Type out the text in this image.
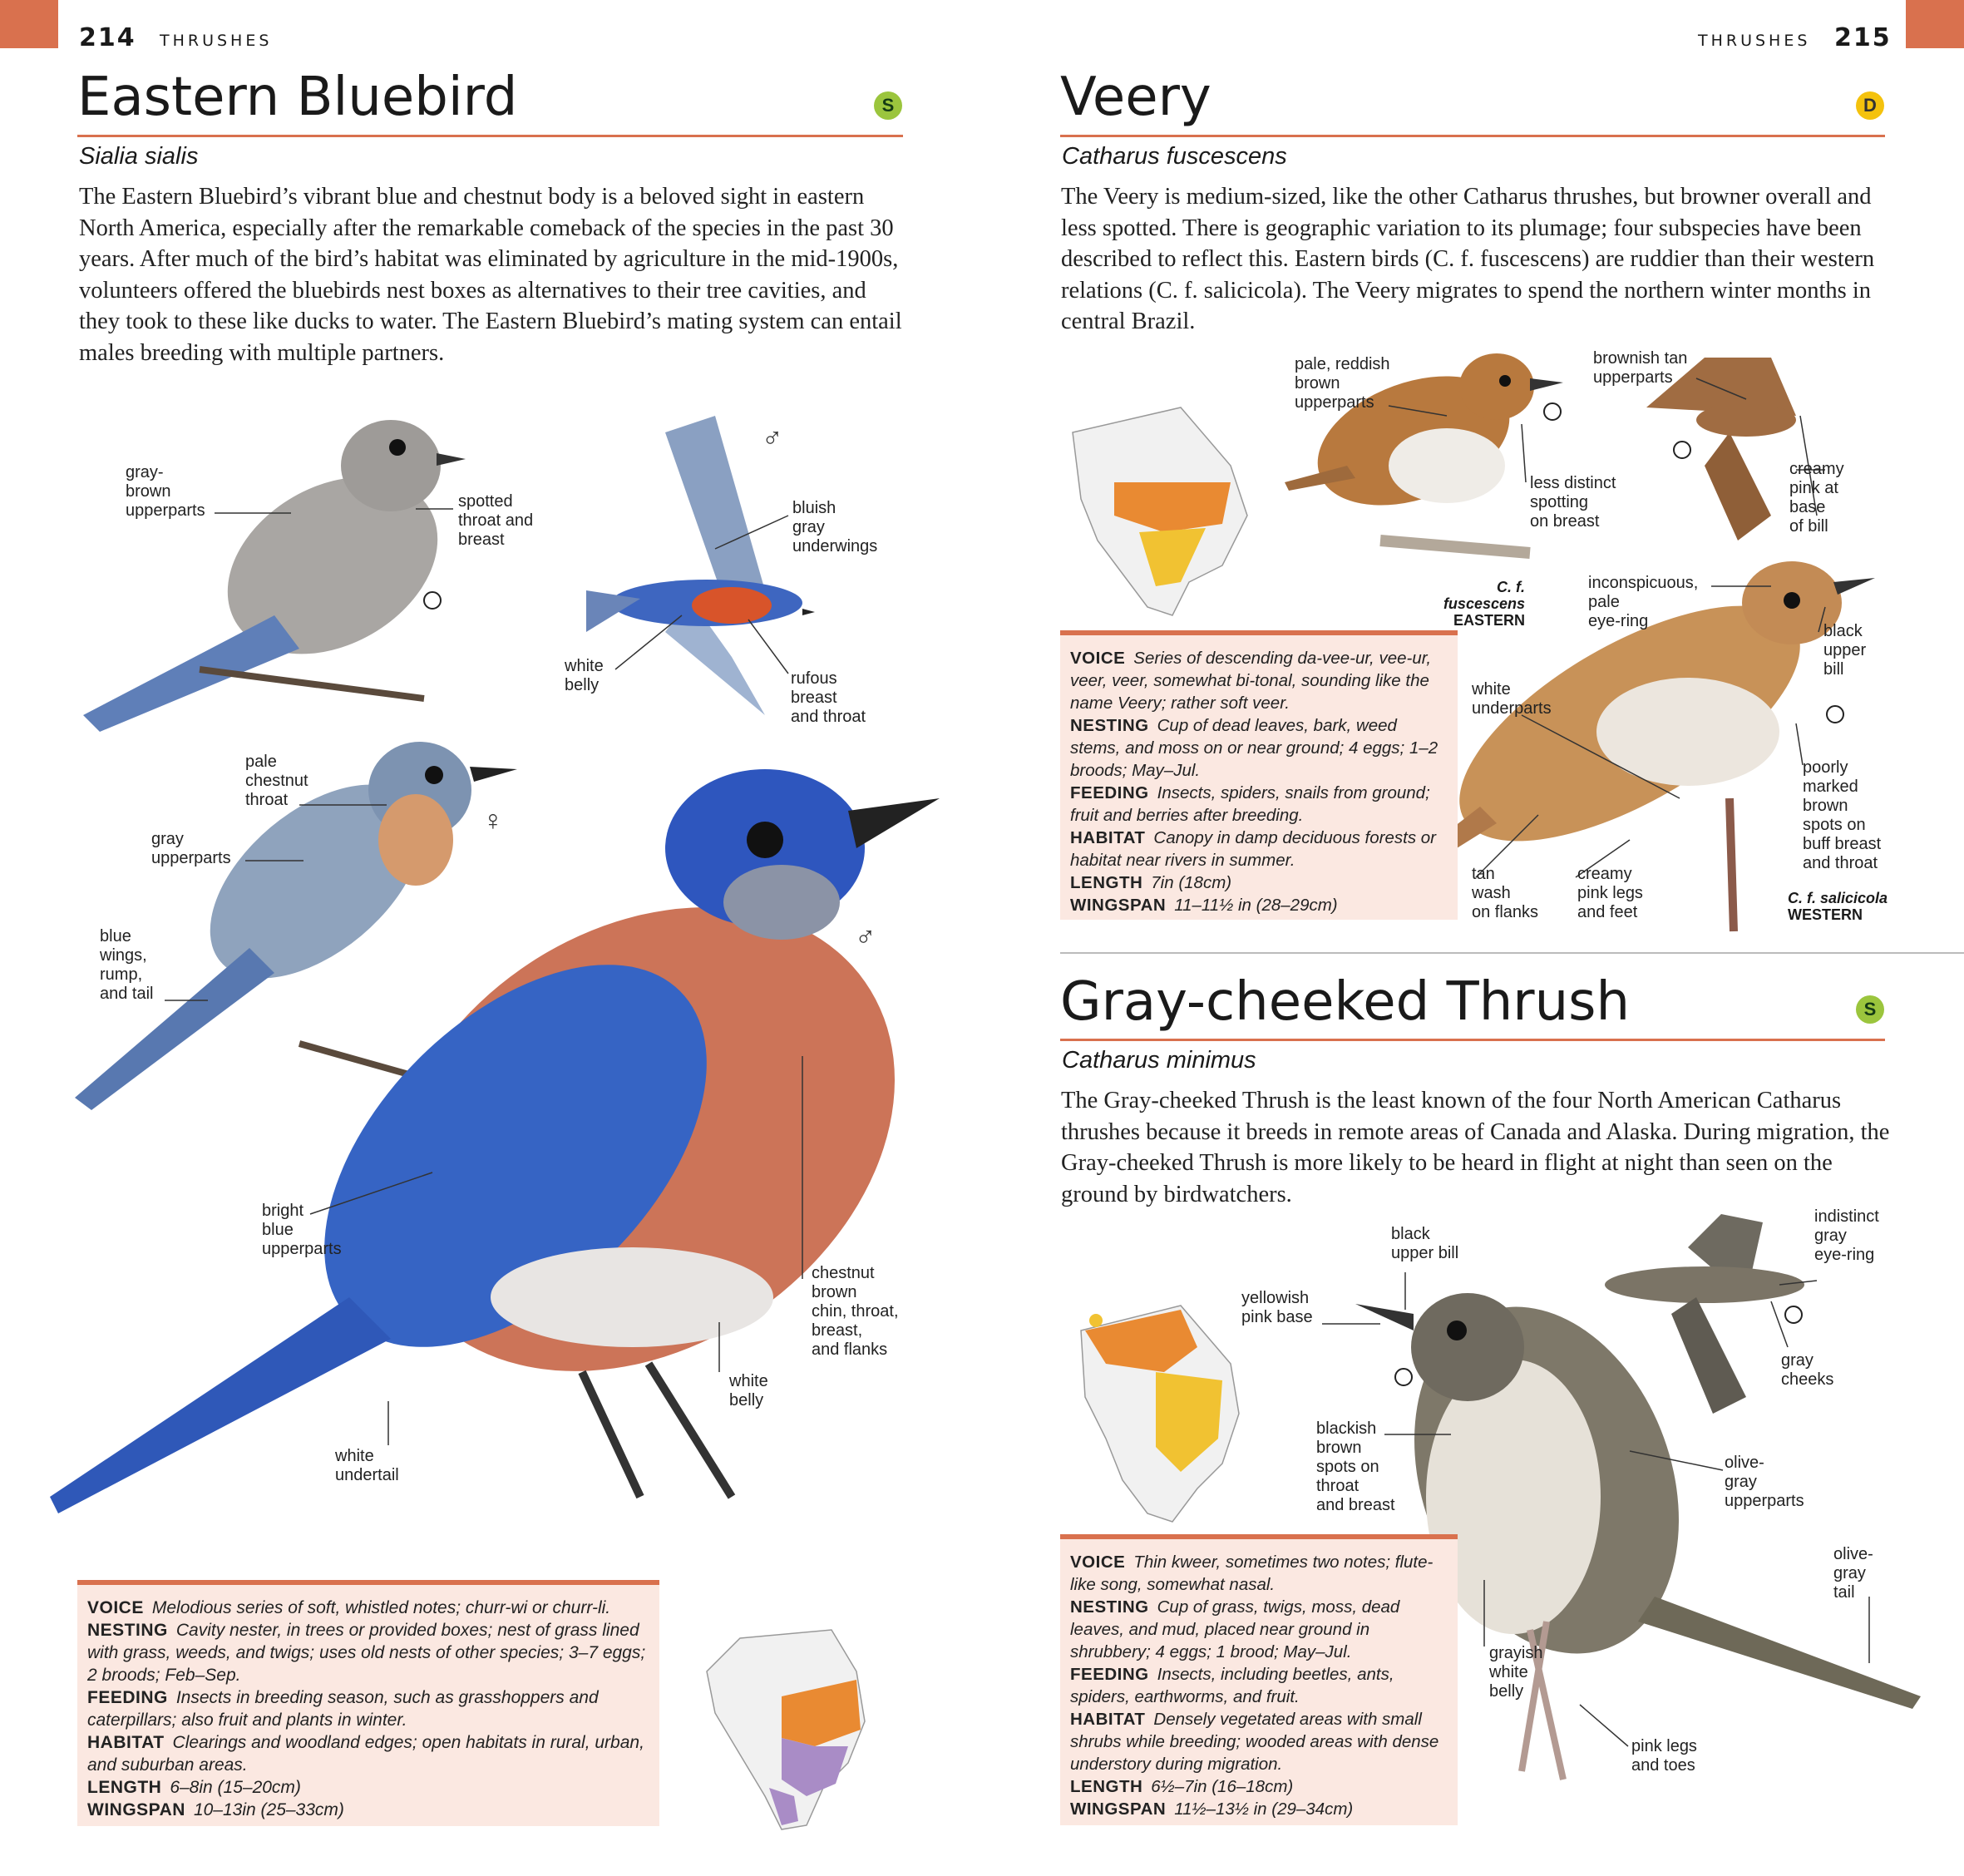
214 THRUSHES	THRUSHES 215
Eastern Bluebird	S
Sialia sialis
The Eastern Bluebird’s vibrant blue and chestnut body is a beloved sight in eastern North America, especially after the remarkable comeback of the species in the past 30 years. After much of the bird’s habitat was eliminated by agriculture in the mid-1900s, volunteers offered the bluebirds nest boxes as alternatives to their tree cavities, and they took to these like ducks to water. The Eastern Bluebird’s mating system can entail males breeding with multiple partners.
gray-
brown
upperparts	spotted
throat and
breast
♂
bluish
gray
underwings
white
belly	rufous
breast
and throat
pale
chestnut
throat
♀
gray
upperparts
blue
wings,
rump,
and tail
♂
bright
blue
upperparts
chestnut
brown
chin, throat,
breast,
and flanks
white
belly
white
undertail
VOICE Melodious series of soft, whistled notes; churr-wi or churr-li.
NESTING Cavity nester, in trees or provided boxes; nest of grass lined with grass, weeds, and twigs; uses old nests of other species; 3–7 eggs; 2 broods; Feb–Sep.
FEEDING Insects in breeding season, such as grasshoppers and caterpillars; also fruit and plants in winter.
HABITAT Clearings and woodland edges; open habitats in rural, urban, and suburban areas.
LENGTH 6–8in (15–20cm)
WINGSPAN 10–13in (25–33cm)
Veery	D
Catharus fuscescens
The Veery is medium-sized, like the other Catharus thrushes, but browner overall and less spotted. There is geographic variation to its plumage; four subspecies have been described to reflect this. Eastern birds (C. f. fuscescens) are ruddier than their western relations (C. f. salicicola). The Veery migrates to spend the northern winter months in central Brazil.
pale, reddish
brown
upperparts
brownish tan
upperparts
less distinct
spotting
on breast
creamy
pink at
base
of bill
C. f. fuscescens
EASTERN
inconspicuous,
pale
eye-ring
black
upper
bill
white
underparts
poorly
marked
brown
spots on
buff breast
and throat
tan
wash
on flanks
creamy
pink legs
and feet
C. f. salicicola
WESTERN
VOICE Series of descending da-vee-ur, vee-ur, veer, veer, somewhat bi-tonal, sounding like the name Veery; rather soft veer.
NESTING Cup of dead leaves, bark, weed stems, and moss on or near ground; 4 eggs; 1–2 broods; May–Jul.
FEEDING Insects, spiders, snails from ground; fruit and berries after breeding.
HABITAT Canopy in damp deciduous forests or habitat near rivers in summer.
LENGTH 7in (18cm)
WINGSPAN 11–11½ in (28–29cm)
Gray-cheeked Thrush	S
Catharus minimus
The Gray-cheeked Thrush is the least known of the four North American Catharus thrushes because it breeds in remote areas of Canada and Alaska. During migration, the Gray-cheeked Thrush is more likely to be heard in flight at night than seen on the ground by birdwatchers.
black
upper bill
yellowish
pink base
indistinct
gray
eye-ring
gray
cheeks
blackish
brown
spots on
throat
and breast
olive-
gray
upperparts
olive-
gray
tail
grayish
white
belly
pink legs
and toes
VOICE Thin kweer, sometimes two notes; flute-like song, somewhat nasal.
NESTING Cup of grass, twigs, moss, dead leaves, and mud, placed near ground in shrubbery; 4 eggs; 1 brood; May–Jul.
FEEDING Insects, including beetles, ants, spiders, earthworms, and fruit.
HABITAT Densely vegetated areas with small shrubs while breeding; wooded areas with dense understory during migration.
LENGTH 6½–7in (16–18cm)
WINGSPAN 11½–13½ in (29–34cm)
